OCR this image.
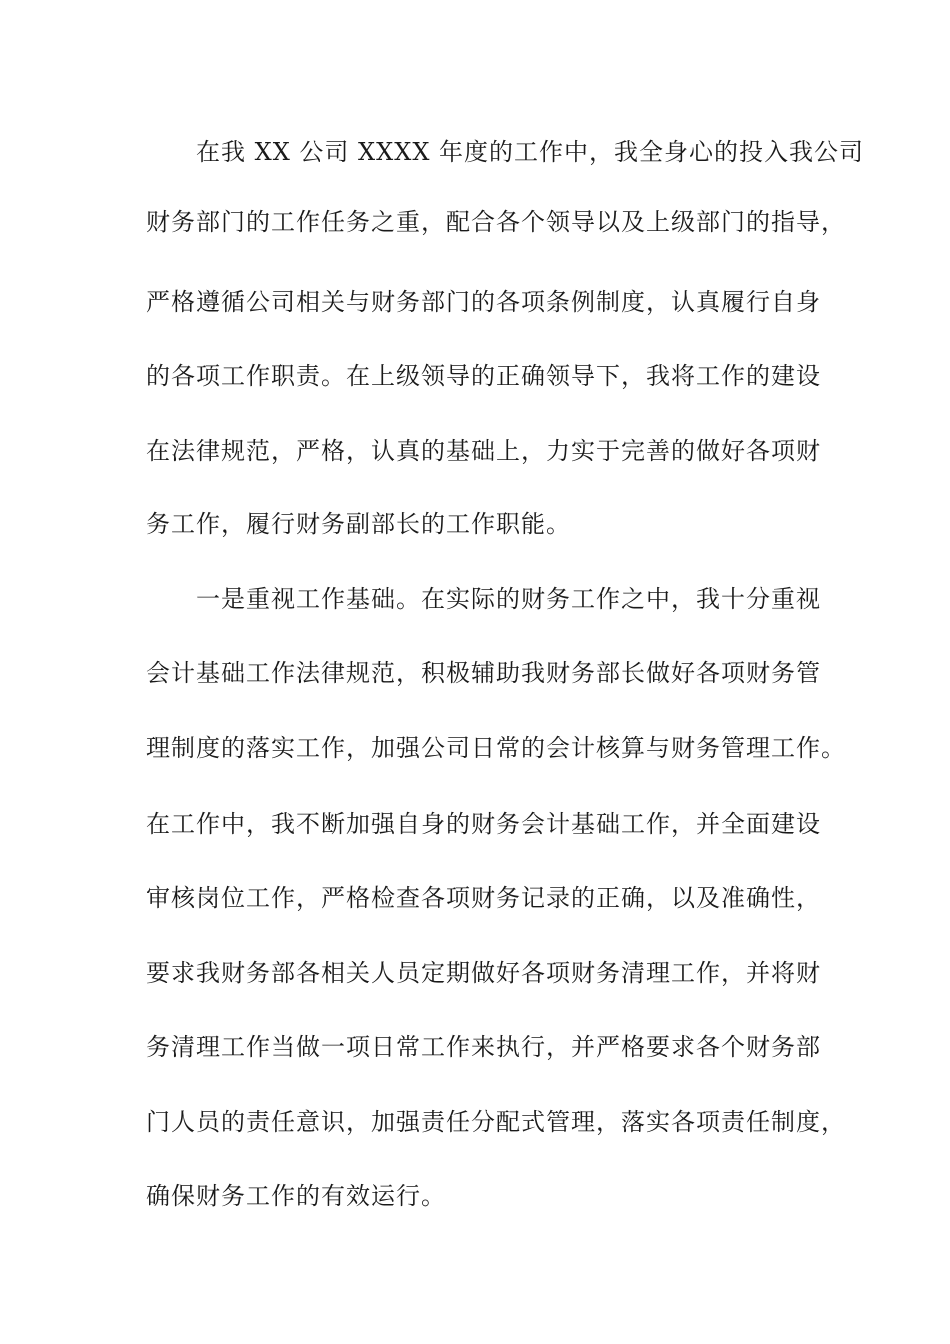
在我 XX 公司 XXXX 年度的工作中，我全身心的投入我公司
财务部门的工作任务之重，配合各个领导以及上级部门的指导，
严格遵循公司相关与财务部门的各项条例制度，认真履行自身
的各项工作职责。在上级领导的正确领导下，我将工作的建设
在法律规范，严格，认真的基础上，力实于完善的做好各项财
务工作，履行财务副部长的工作职能。
一是重视工作基础。在实际的财务工作之中，我十分重视
会计基础工作法律规范，积极辅助我财务部长做好各项财务管
理制度的落实工作，加强公司日常的会计核算与财务管理工作。
在工作中，我不断加强自身的财务会计基础工作，并全面建设
审核岗位工作，严格检查各项财务记录的正确，以及准确性，
要求我财务部各相关人员定期做好各项财务清理工作，并将财
务清理工作当做一项日常工作来执行，并严格要求各个财务部
门人员的责任意识，加强责任分配式管理，落实各项责任制度，
确保财务工作的有效运行。
